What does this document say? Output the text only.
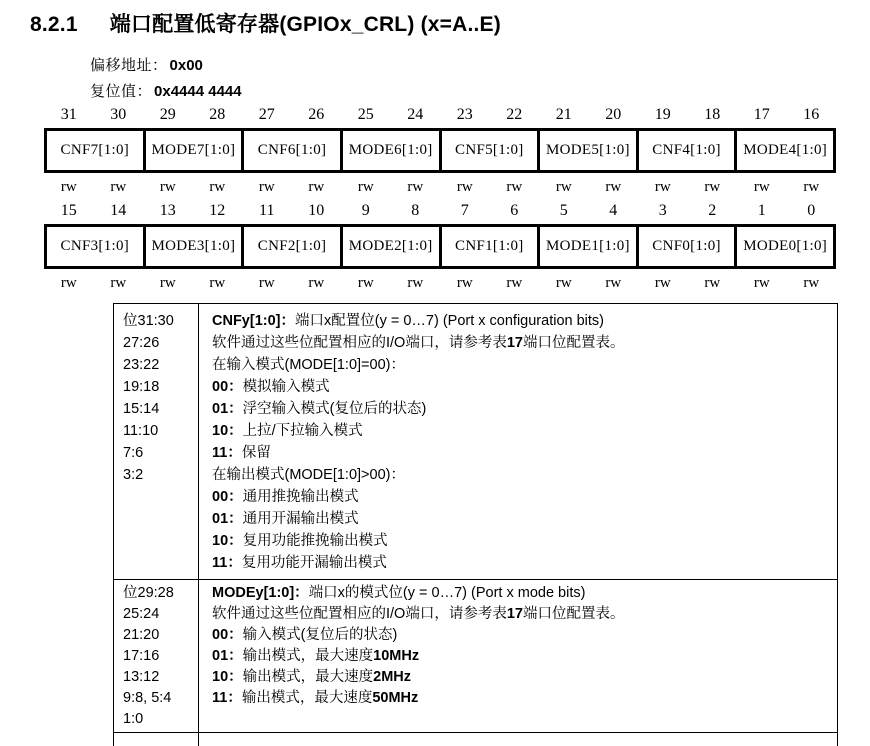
8.2.1 端口配置低寄存器(GPIOx_CRL) (x=A..E)
偏移地址： 0x00
复位值： 0x4444 4444
31	30	29	28	27	26	25	24	23	22	21	20	19	18	17	16
CNF7[1:0]	MODE7[1:0]	CNF6[1:0]	MODE6[1:0]	CNF5[1:0]	MODE5[1:0]	CNF4[1:0]	MODE4[1:0]
rw	rw	rw	rw	rw	rw	rw	rw	rw	rw	rw	rw	rw	rw	rw	rw
15	14	13	12	11	10	9	8	7	6	5	4	3	2	1	0
CNF3[1:0]	MODE3[1:0]	CNF2[1:0]	MODE2[1:0]	CNF1[1:0]	MODE1[1:0]	CNF0[1:0]	MODE0[1:0]
rw	rw	rw	rw	rw	rw	rw	rw	rw	rw	rw	rw	rw	rw	rw	rw
位31:30
27:26
23:22
19:18
15:14
11:10
7:6
3:2
CNFy[1:0]：端口x配置位(y = 0…7) (Port x configuration bits)
软件通过这些位配置相应的I/O端口，请参考表17端口位配置表。
在输入模式(MODE[1:0]=00)：
00：模拟输入模式
01：浮空输入模式(复位后的状态)
10：上拉/下拉输入模式
11：保留
在输出模式(MODE[1:0]>00)：
00：通用推挽输出模式
01：通用开漏输出模式
10：复用功能推挽输出模式
11：复用功能开漏输出模式
位29:28
25:24
21:20
17:16
13:12
9:8, 5:4
1:0
MODEy[1:0]：端口x的模式位(y = 0…7) (Port x mode bits)
软件通过这些位配置相应的I/O端口，请参考表17端口位配置表。
00：输入模式(复位后的状态)
01：输出模式，最大速度10MHz
10：输出模式，最大速度2MHz
11：输出模式，最大速度50MHz
